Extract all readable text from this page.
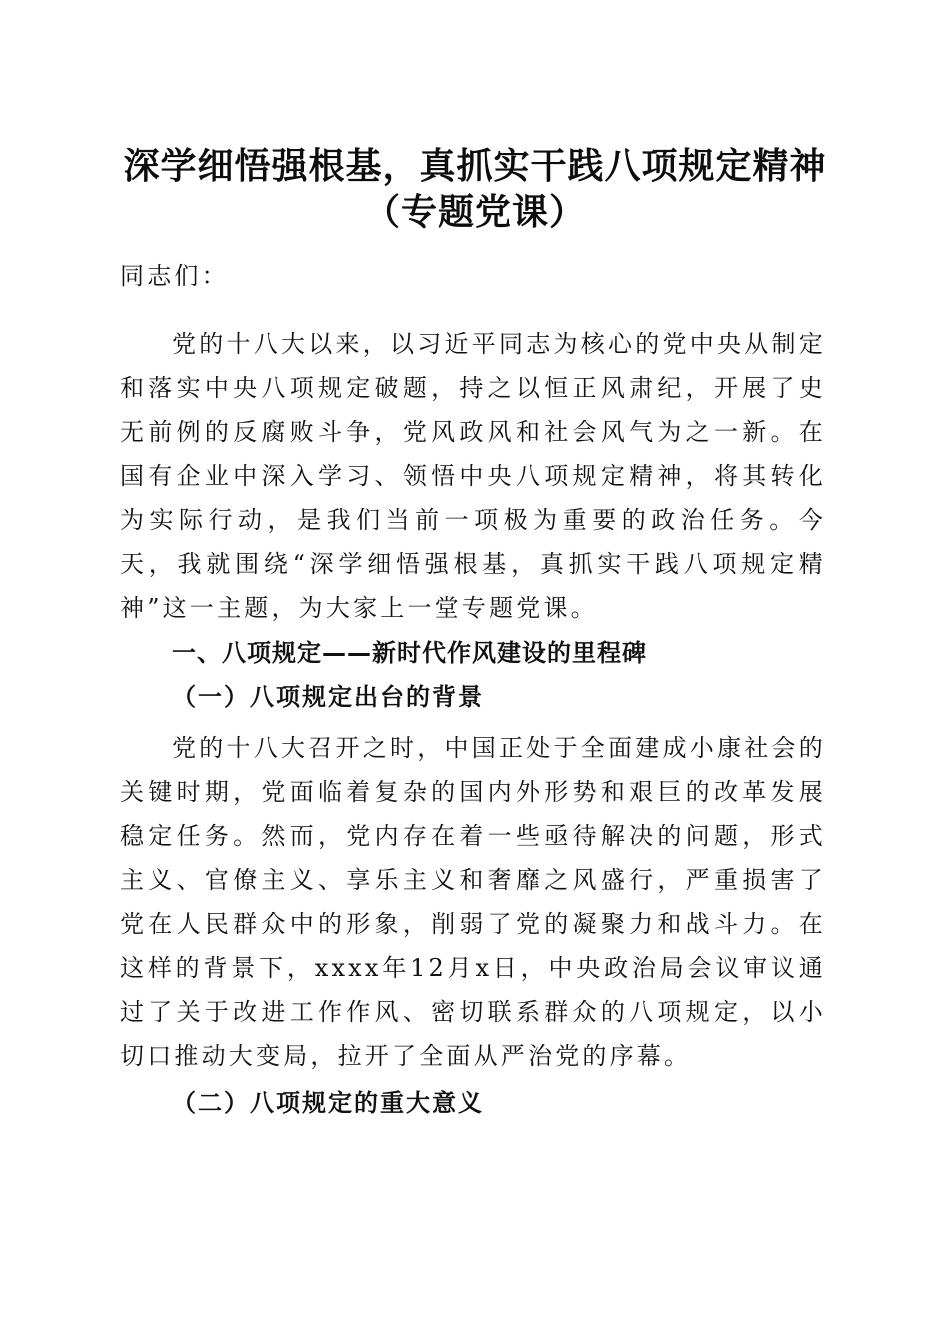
深学细悟强根基，真抓实干践八项规定精神
（专题党课）

同志们：

党的十八大以来，以习近平同志为核心的党中央从制定和落实中央八项规定破题，持之以恒正风肃纪，开展了史无前例的反腐败斗争，党风政风和社会风气为之一新。在国有企业中深入学习、领悟中央八项规定精神，将其转化为实际行动，是我们当前一项极为重要的政治任务。今天，我就围绕“深学细悟强根基，真抓实干践八项规定精神”这一主题，为大家上一堂专题党课。

一、八项规定——新时代作风建设的里程碑
（一）八项规定出台的背景

党的十八大召开之时，中国正处于全面建成小康社会的关键时期，党面临着复杂的国内外形势和艰巨的改革发展稳定任务。然而，党内存在着一些亟待解决的问题，形式主义、官僚主义、享乐主义和奢靡之风盛行，严重损害了党在人民群众中的形象，削弱了党的凝聚力和战斗力。在这样的背景下，xxxx年12月x日，中央政治局会议审议通过了关于改进工作作风、密切联系群众的八项规定，以小切口推动大变局，拉开了全面从严治党的序幕。

（二）八项规定的重大意义
